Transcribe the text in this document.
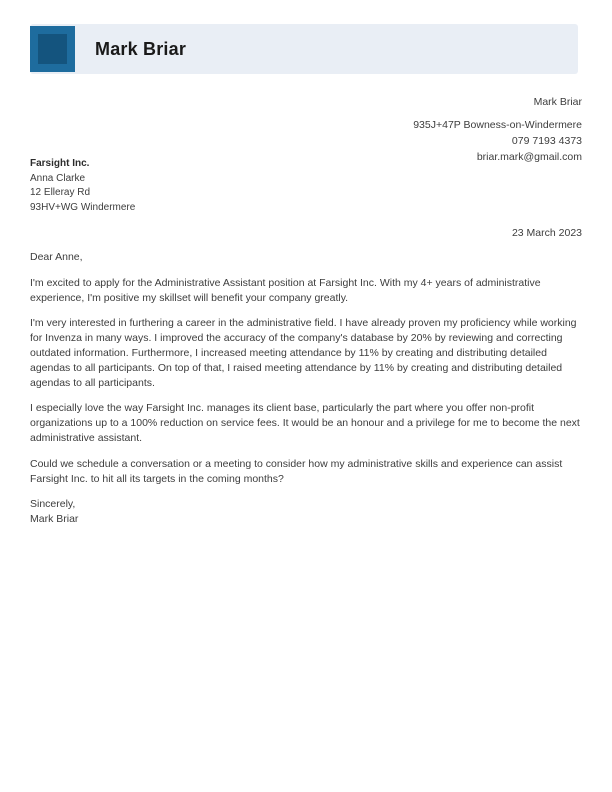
Mark Briar
Mark Briar
935J+47P Bowness-on-Windermere
079 7193 4373
briar.mark@gmail.com
Farsight Inc.
Anna Clarke
12 Elleray Rd
93HV+WG Windermere
23 March 2023

Dear Anne,

I'm excited to apply for the Administrative Assistant position at Farsight Inc. With my 4+ years of administrative experience, I'm positive my skillset will benefit your company greatly.

I'm very interested in furthering a career in the administrative field. I have already proven my proficiency while working for Invenza in many ways. I improved the accuracy of the company's database by 20% by reviewing and correcting outdated information. Furthermore, I increased meeting attendance by 11% by creating and distributing detailed agendas to all participants. On top of that, I raised meeting attendance by 11% by creating and distributing detailed agendas to all participants.

I especially love the way Farsight Inc. manages its client base, particularly the part where you offer non-profit organizations up to a 100% reduction on service fees. It would be an honour and a privilege for me to become the next administrative assistant.

Could we schedule a conversation or a meeting to consider how my administrative skills and experience can assist Farsight Inc. to hit all its targets in the coming months?

Sincerely,
Mark Briar
